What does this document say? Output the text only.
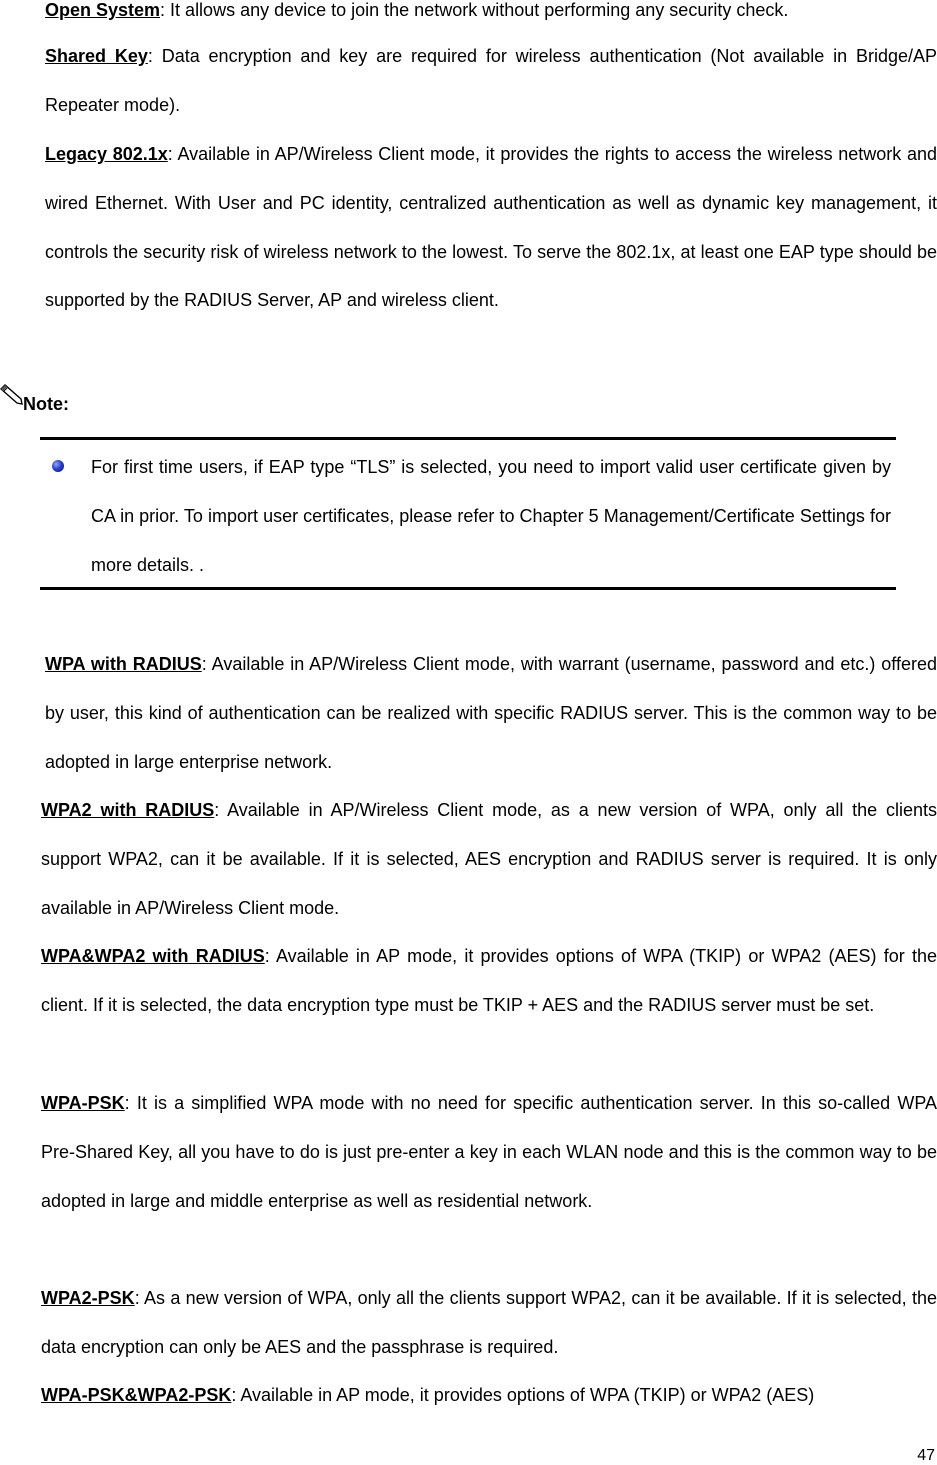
Open System: It allows any device to join the network without performing any security check.

Shared Key: Data encryption and key are required for wireless authentication (Not available in Bridge/AP Repeater mode).

Legacy 802.1x: Available in AP/Wireless Client mode, it provides the rights to access the wireless network and wired Ethernet. With User and PC identity, centralized authentication as well as dynamic key management, it controls the security risk of wireless network to the lowest. To serve the 802.1x, at least one EAP type should be supported by the RADIUS Server, AP and wireless client.

Note:

For first time users, if EAP type “TLS” is selected, you need to import valid user certificate given by CA in prior. To import user certificates, please refer to Chapter 5 Management/Certificate Settings for more details. .

WPA with RADIUS: Available in AP/Wireless Client mode, with warrant (username, password and etc.) offered by user, this kind of authentication can be realized with specific RADIUS server. This is the common way to be adopted in large enterprise network.

WPA2 with RADIUS: Available in AP/Wireless Client mode, as a new version of WPA, only all the clients support WPA2, can it be available. If it is selected, AES encryption and RADIUS server is required. It is only available in AP/Wireless Client mode.

WPA&WPA2 with RADIUS: Available in AP mode, it provides options of WPA (TKIP) or WPA2 (AES) for the client. If it is selected, the data encryption type must be TKIP + AES and the RADIUS server must be set.

WPA-PSK: It is a simplified WPA mode with no need for specific authentication server. In this so-called WPA Pre-Shared Key, all you have to do is just pre-enter a key in each WLAN node and this is the common way to be adopted in large and middle enterprise as well as residential network.

WPA2-PSK: As a new version of WPA, only all the clients support WPA2, can it be available. If it is selected, the data encryption can only be AES and the passphrase is required.

WPA-PSK&WPA2-PSK: Available in AP mode, it provides options of WPA (TKIP) or WPA2 (AES)

47
